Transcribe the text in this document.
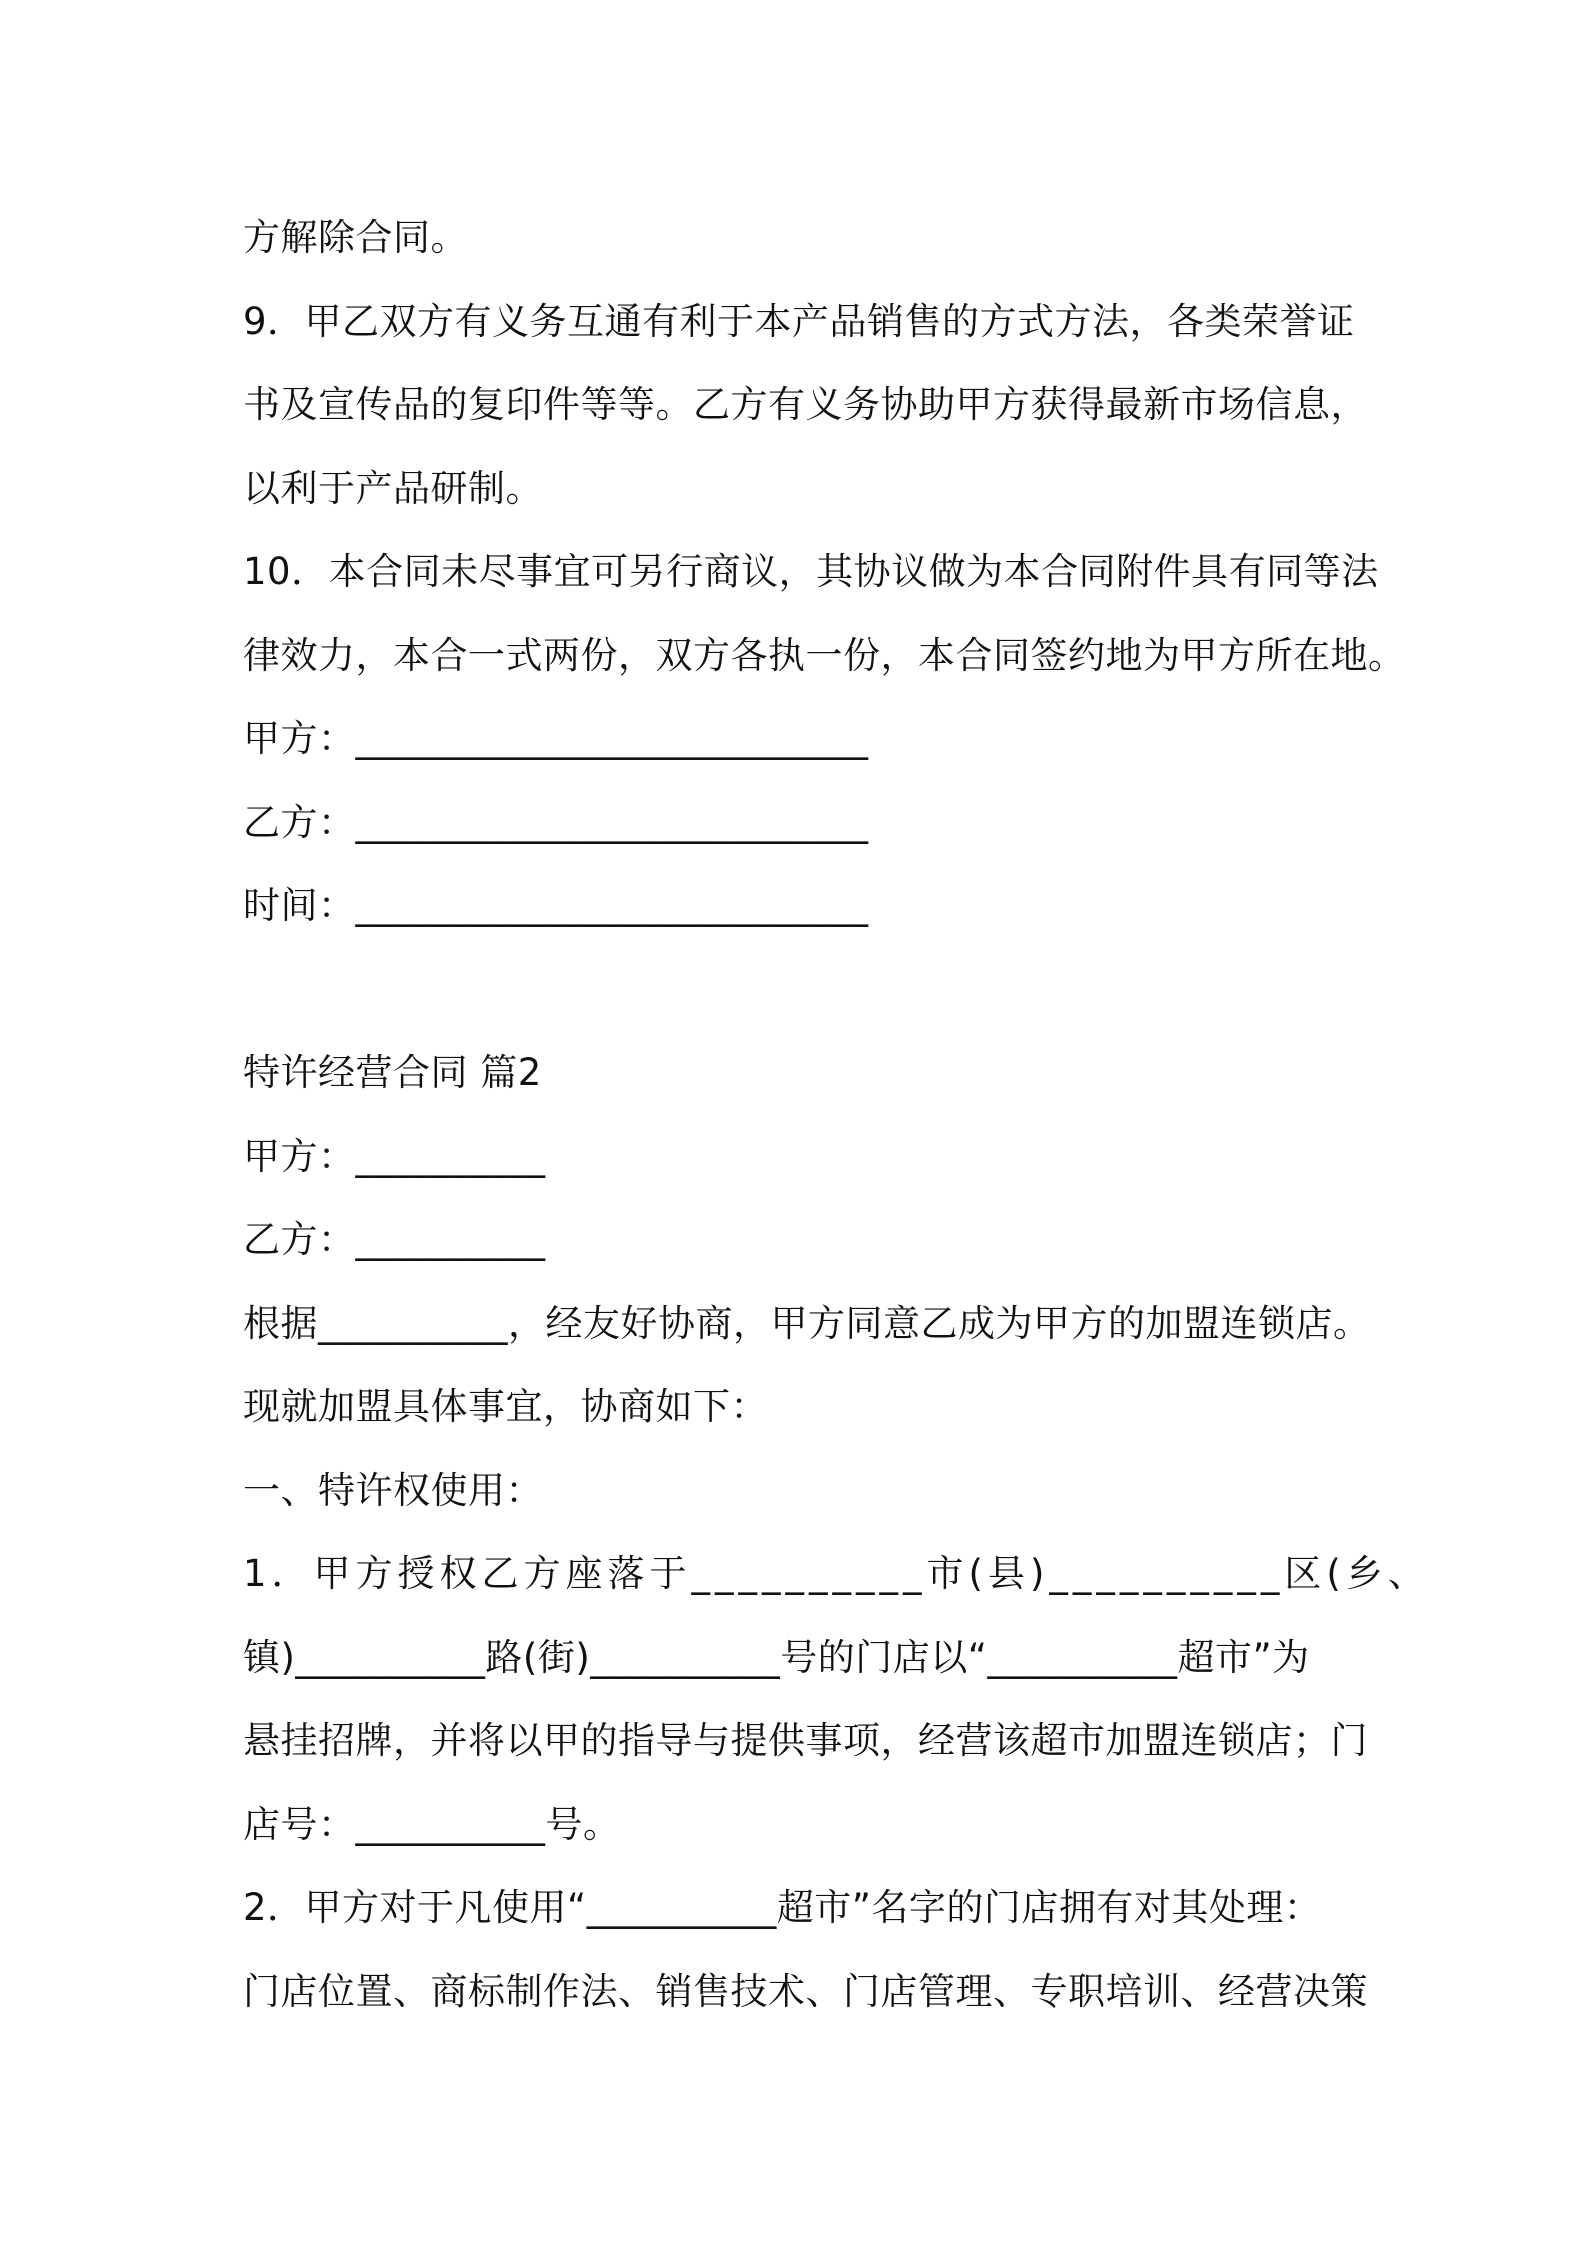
方解除合同。
9．甲乙双方有义务互通有利于本产品销售的方式方法，各类荣誉证
书及宣传品的复印件等等。乙方有义务协助甲方获得最新市场信息，
以利于产品研制。
10．本合同未尽事宜可另行商议，其协议做为本合同附件具有同等法
律效力，本合一式两份，双方各执一份，本合同签约地为甲方所在地。
甲方：___________________________
乙方：___________________________
时间：___________________________
特许经营合同 篇2
甲方：__________
乙方：__________
根据__________，经友好协商，甲方同意乙成为甲方的加盟连锁店。
现就加盟具体事宜，协商如下：
一、特许权使用：
1．甲方授权乙方座落于__________市(县)__________区(乡、
镇)__________路(街)__________号的门店以“__________超市”为
悬挂招牌，并将以甲的指导与提供事项，经营该超市加盟连锁店；门
店号：__________号。
2．甲方对于凡使用“__________超市”名字的门店拥有对其处理：
门店位置、商标制作法、销售技术、门店管理、专职培训、经营决策
